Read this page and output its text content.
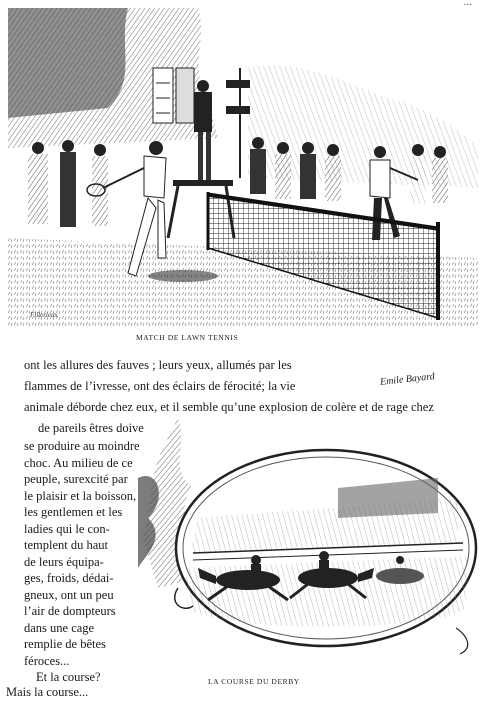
…
Fillerieux
MATCH DE LAWN TENNIS
Emile Bayard
ont les allures des fauves ; leurs yeux, allumés par les
flammes de l’ivresse, ont des éclairs de férocité; la vie
animale déborde chez eux, et il semble qu’une explosion de colère et de rage chez
de pareils êtres doive
se produire au moindre
choc. Au milieu de ce
peuple, surexcité par
le plaisir et la boisson,
les gentlemen et les
ladies qui le con-
templent du haut
de leurs équipa-
ges, froids, dédai-
gneux, ont un peu
l’air de dompteurs
LA COURSE DU DERBY
dans une cage
remplie de bêtes
féroces...
Et la course?
Mais la course...
